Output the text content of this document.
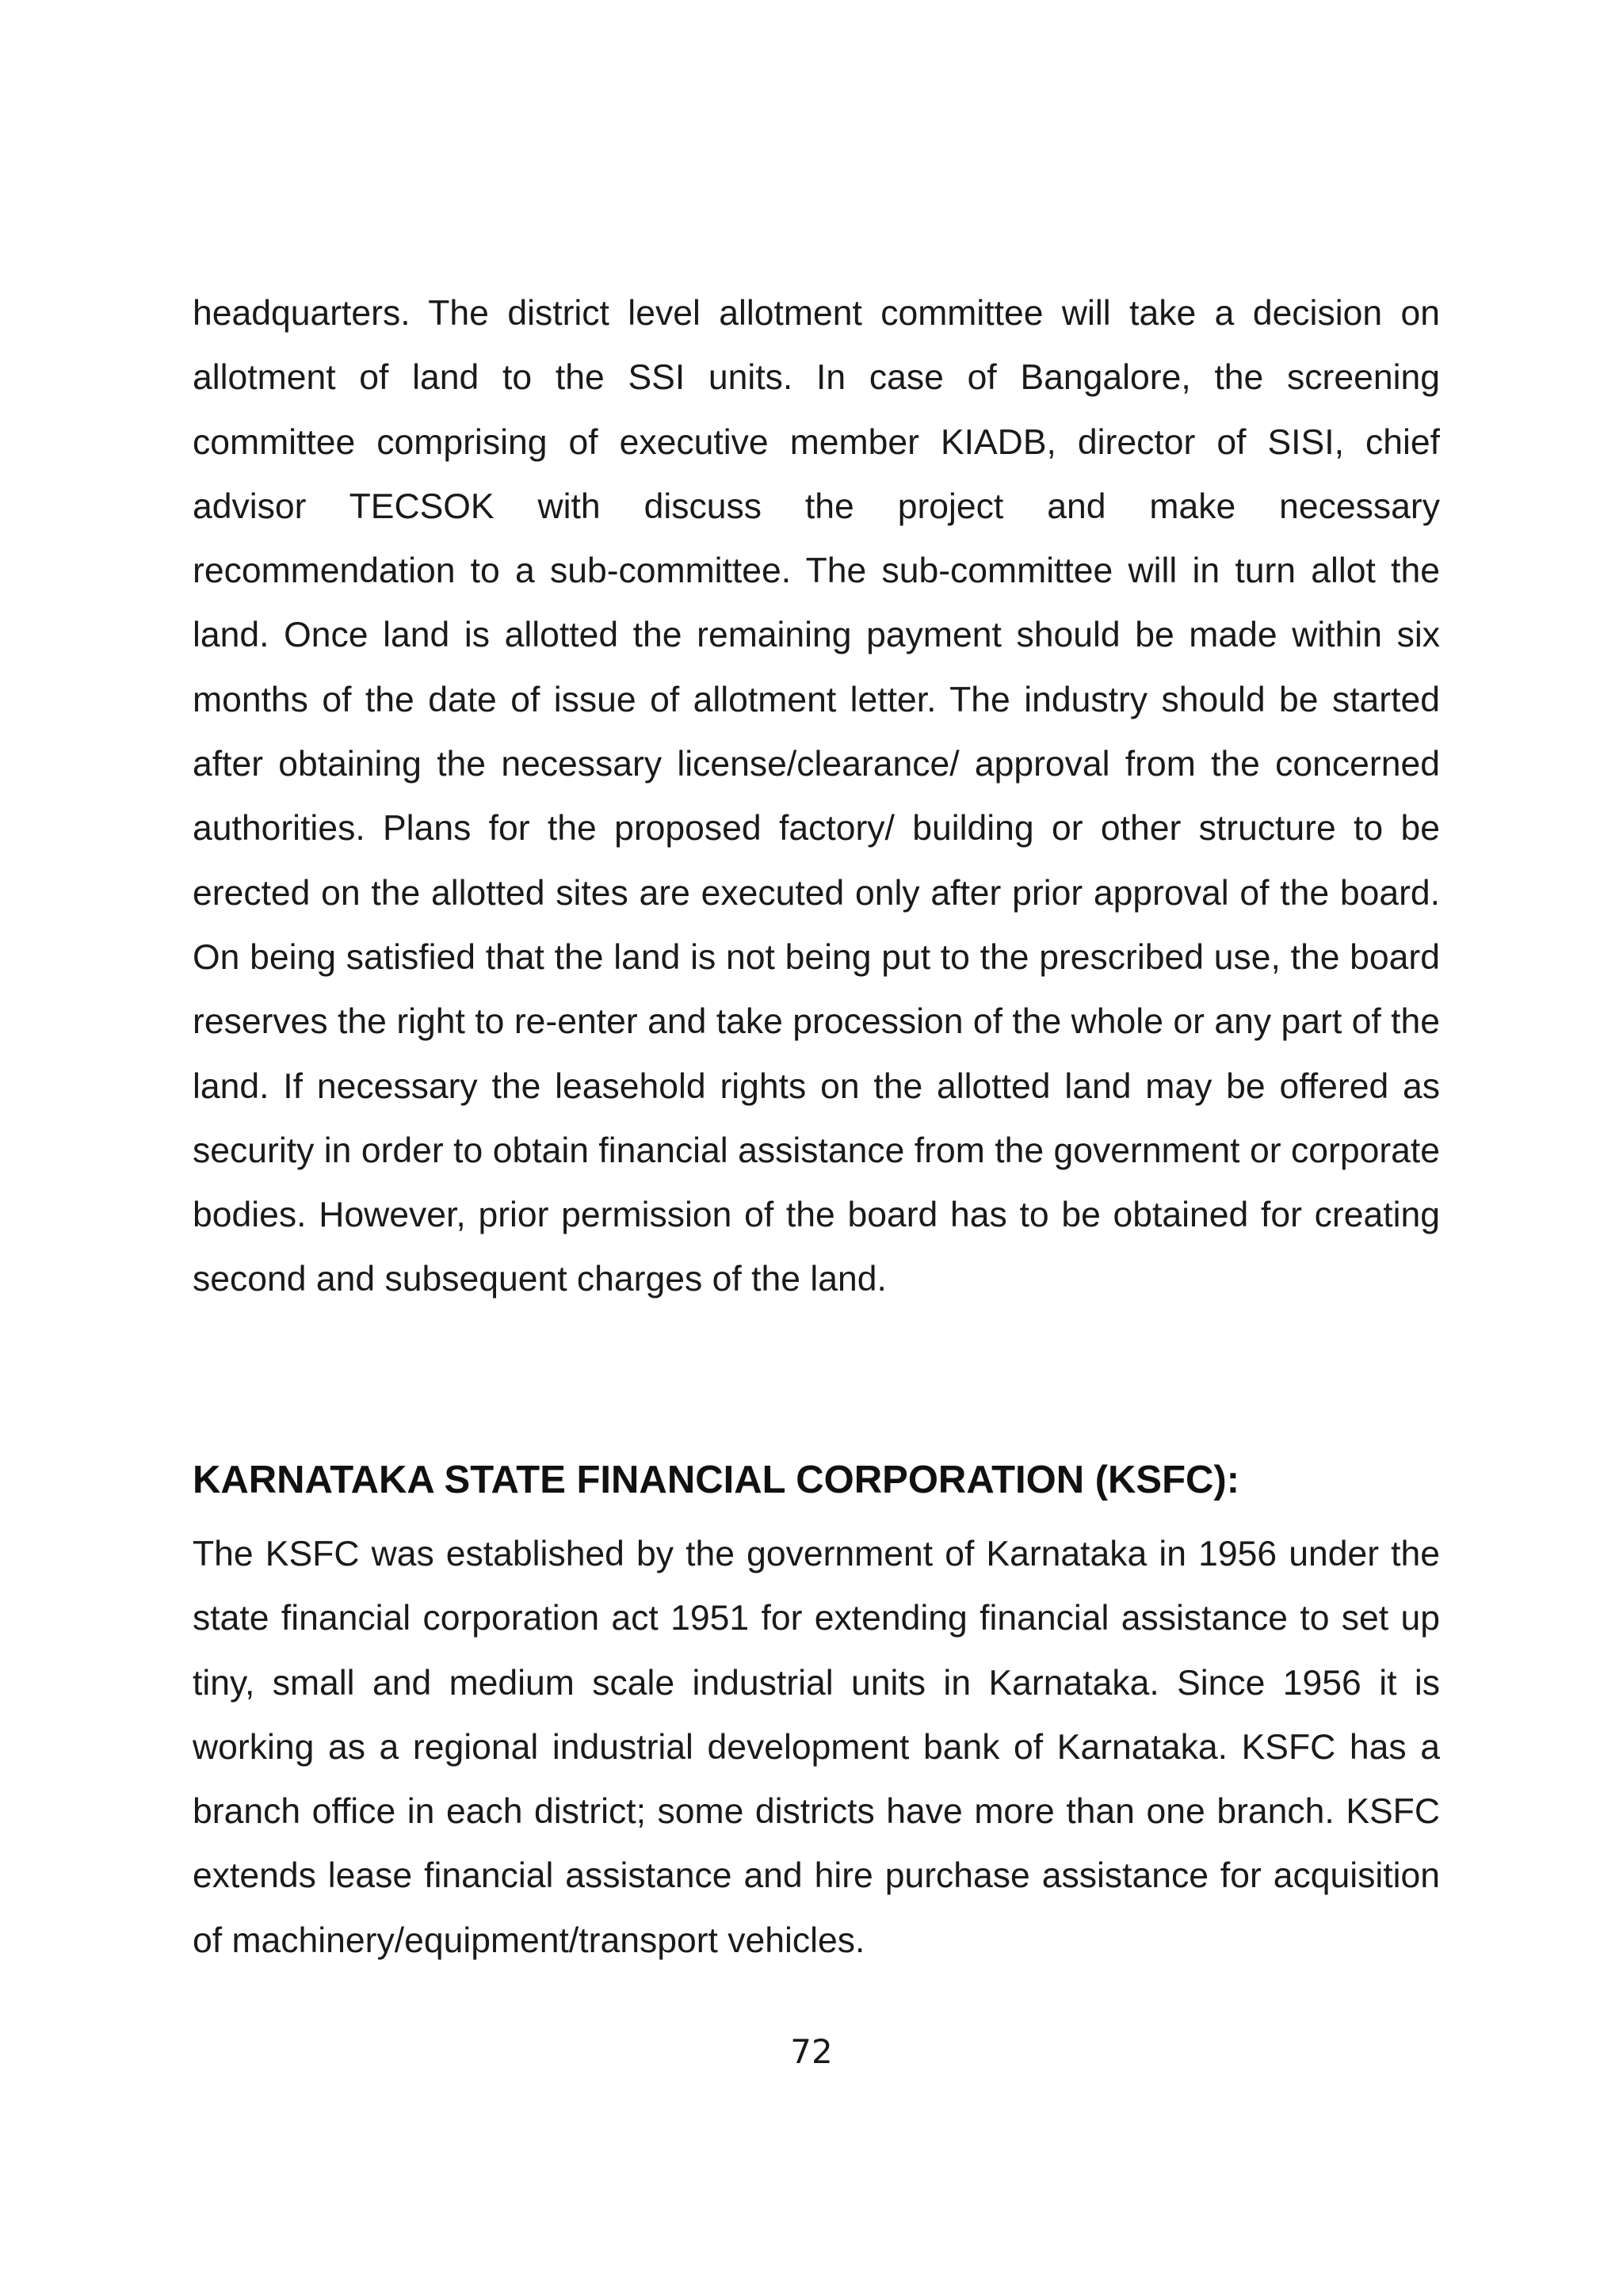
headquarters. The district level allotment committee will take a decision on allotment of land to the SSI units. In case of Bangalore, the screening committee comprising of executive member KIADB, director of SISI, chief advisor TECSOK with discuss the project and make necessary recommendation to a sub-committee. The sub-committee will in turn allot the land. Once land is allotted the remaining payment should be made within six months of the date of issue of allotment letter. The industry should be started after obtaining the necessary license/clearance/ approval from the concerned authorities. Plans for the proposed factory/ building or other structure to be erected on the allotted sites are executed only after prior approval of the board. On being satisfied that the land is not being put to the prescribed use, the board reserves the right to re-enter and take procession of the whole or any part of the land. If necessary the leasehold rights on the allotted land may be offered as security in order to obtain financial assistance from the government or corporate bodies. However, prior permission of the board has to be obtained for creating second and subsequent charges of the land.

KARNATAKA STATE FINANCIAL CORPORATION (KSFC):

The KSFC was established by the government of Karnataka in 1956 under the state financial corporation act 1951 for extending financial assistance to set up tiny, small and medium scale industrial units in Karnataka. Since 1956 it is working as a regional industrial development bank of Karnataka. KSFC has a branch office in each district; some districts have more than one branch. KSFC extends lease financial assistance and hire purchase assistance for acquisition of machinery/equipment/transport vehicles.

72
